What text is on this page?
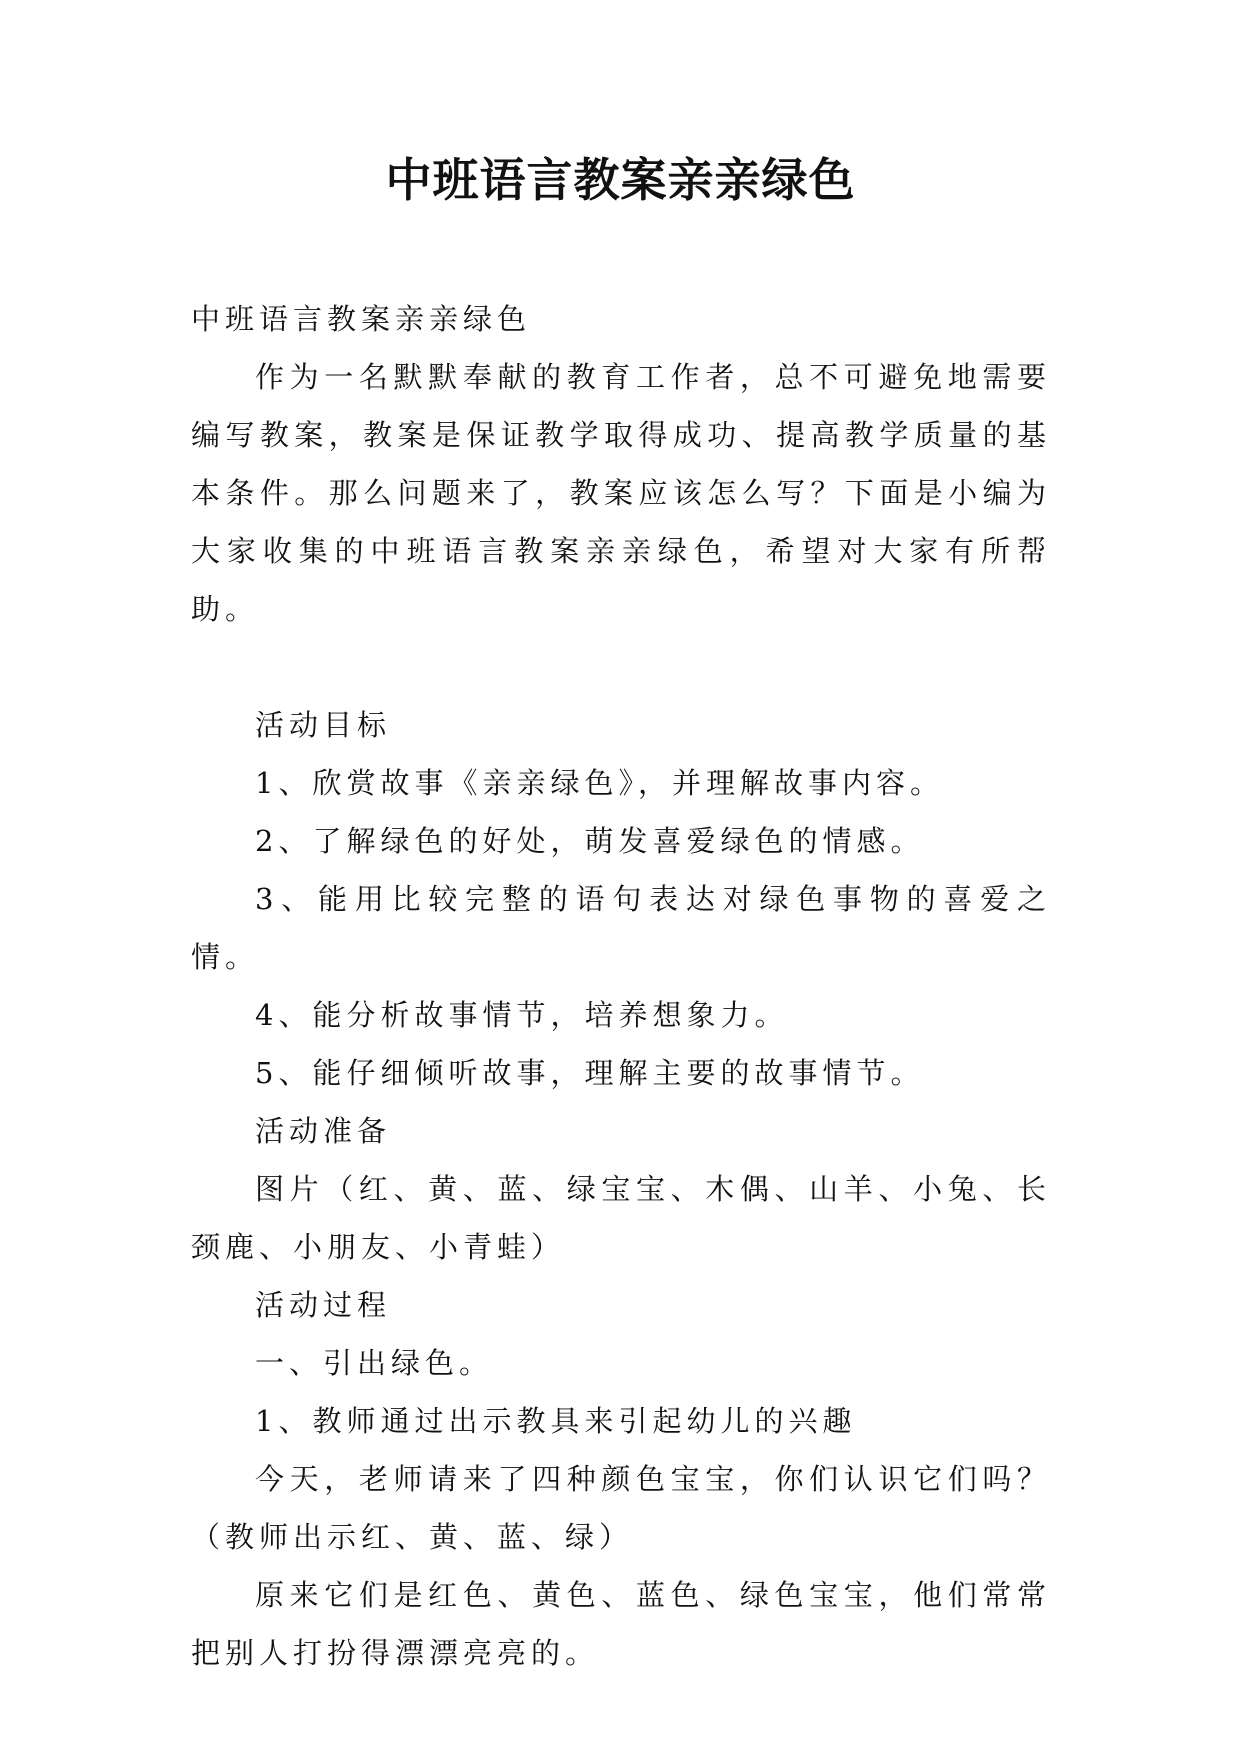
中班语言教案亲亲绿色

中班语言教案亲亲绿色

作为一名默默奉献的教育工作者，总不可避免地需要编写教案，教案是保证教学取得成功、提高教学质量的基本条件。那么问题来了，教案应该怎么写？下面是小编为大家收集的中班语言教案亲亲绿色，希望对大家有所帮助。

活动目标

1、欣赏故事《亲亲绿色》，并理解故事内容。

2、了解绿色的好处，萌发喜爱绿色的情感。

3、能用比较完整的语句表达对绿色事物的喜爱之情。

4、能分析故事情节，培养想象力。

5、能仔细倾听故事，理解主要的故事情节。

活动准备

图片（红、黄、蓝、绿宝宝、木偶、山羊、小兔、长颈鹿、小朋友、小青蛙）

活动过程

一、引出绿色。

1、教师通过出示教具来引起幼儿的兴趣

今天，老师请来了四种颜色宝宝，你们认识它们吗？（教师出示红、黄、蓝、绿）

原来它们是红色、黄色、蓝色、绿色宝宝，他们常常把别人打扮得漂漂亮亮的。
